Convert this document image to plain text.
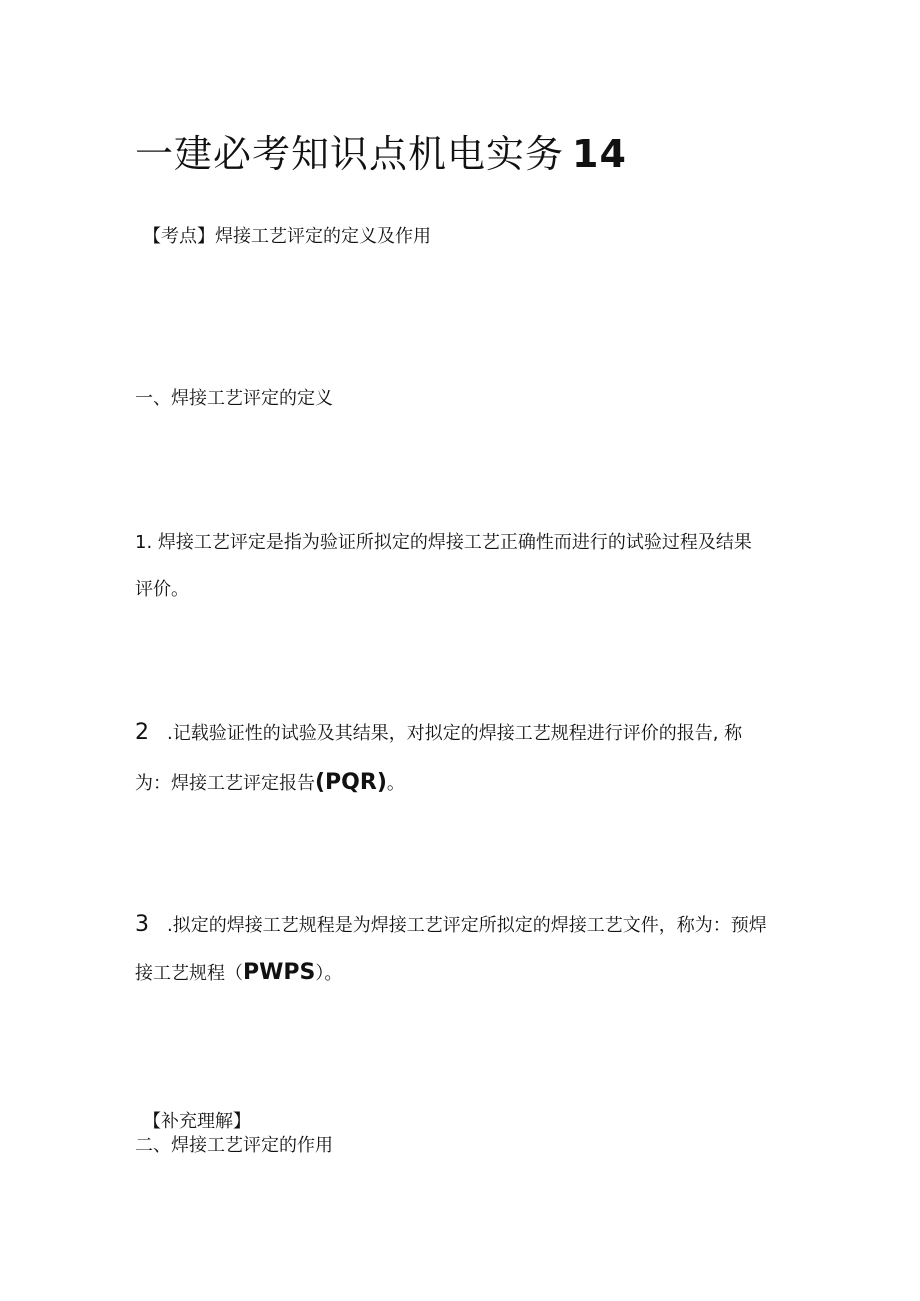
一建必考知识点机电实务 14
【考点】焊接工艺评定的定义及作用
一、焊接工艺评定的定义
1. 焊接工艺评定是指为验证所拟定的焊接工艺正确性而进行的试验过程及结果
评价。
2 .记载验证性的试验及其结果，对拟定的焊接工艺规程进行评价的报告, 称
为：焊接工艺评定报告(PQR)。
3 .拟定的焊接工艺规程是为焊接工艺评定所拟定的焊接工艺文件，称为：预焊
接工艺规程（PWPS）。
【补充理解】
二、焊接工艺评定的作用
